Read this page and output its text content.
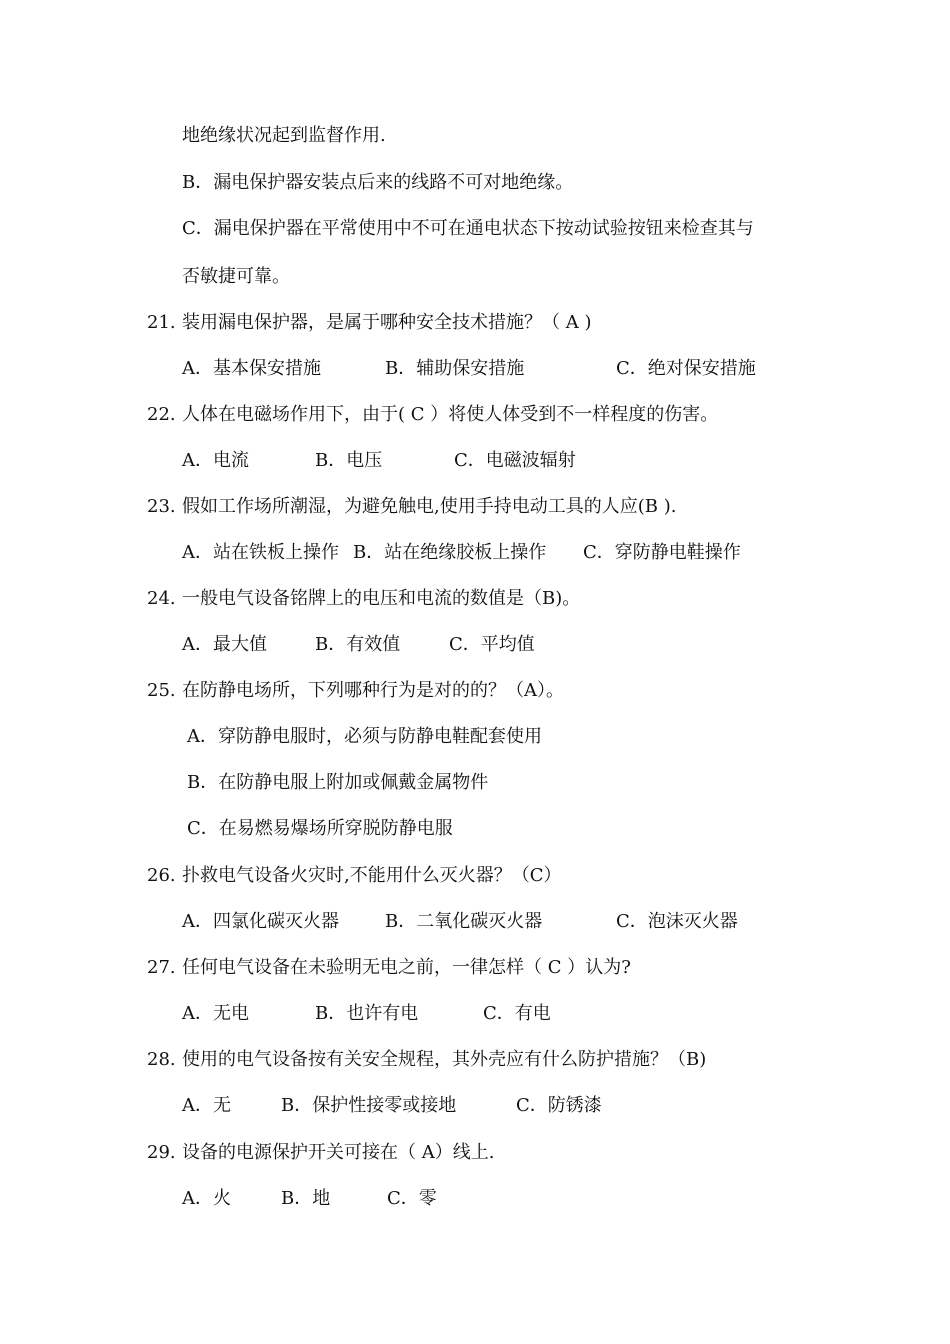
地绝缘状况起到监督作用.
B．漏电保护器安装点后来的线路不可对地绝缘。
C．漏电保护器在平常使用中不可在通电状态下按动试验按钮来检查其与
否敏捷可靠。
21. 装用漏电保护器，是属于哪种安全技术措施？（ A )
A．基本保安措施	B．辅助保安措施	C．绝对保安措施
22. 人体在电磁场作用下，由于( C ）将使人体受到不一样程度的伤害。
A．电流	B．电压	C．电磁波辐射
23. 假如工作场所潮湿，为避免触电,使用手持电动工具的人应(B ).
A．站在铁板上操作 B．站在绝缘胶板上操作 C．穿防静电鞋操作
24. 一般电气设备铭牌上的电压和电流的数值是（B)。
A．最大值	B．有效值	C．平均值
25. 在防静电场所，下列哪种行为是对的的？（A）。
A．穿防静电服时，必须与防静电鞋配套使用
B．在防静电服上附加或佩戴金属物件
C．在易燃易爆场所穿脱防静电服
26. 扑救电气设备火灾时,不能用什么灭火器？（C）
A．四氯化碳灭火器	B．二氧化碳灭火器	C．泡沫灭火器
27. 任何电气设备在未验明无电之前，一律怎样（ C ）认为?
A．无电	B．也许有电	C．有电
28. 使用的电气设备按有关安全规程，其外壳应有什么防护措施？（B)
A．无	B．保护性接零或接地	C．防锈漆
29. 设备的电源保护开关可接在（ A）线上.
A．火	B．地	C．零
